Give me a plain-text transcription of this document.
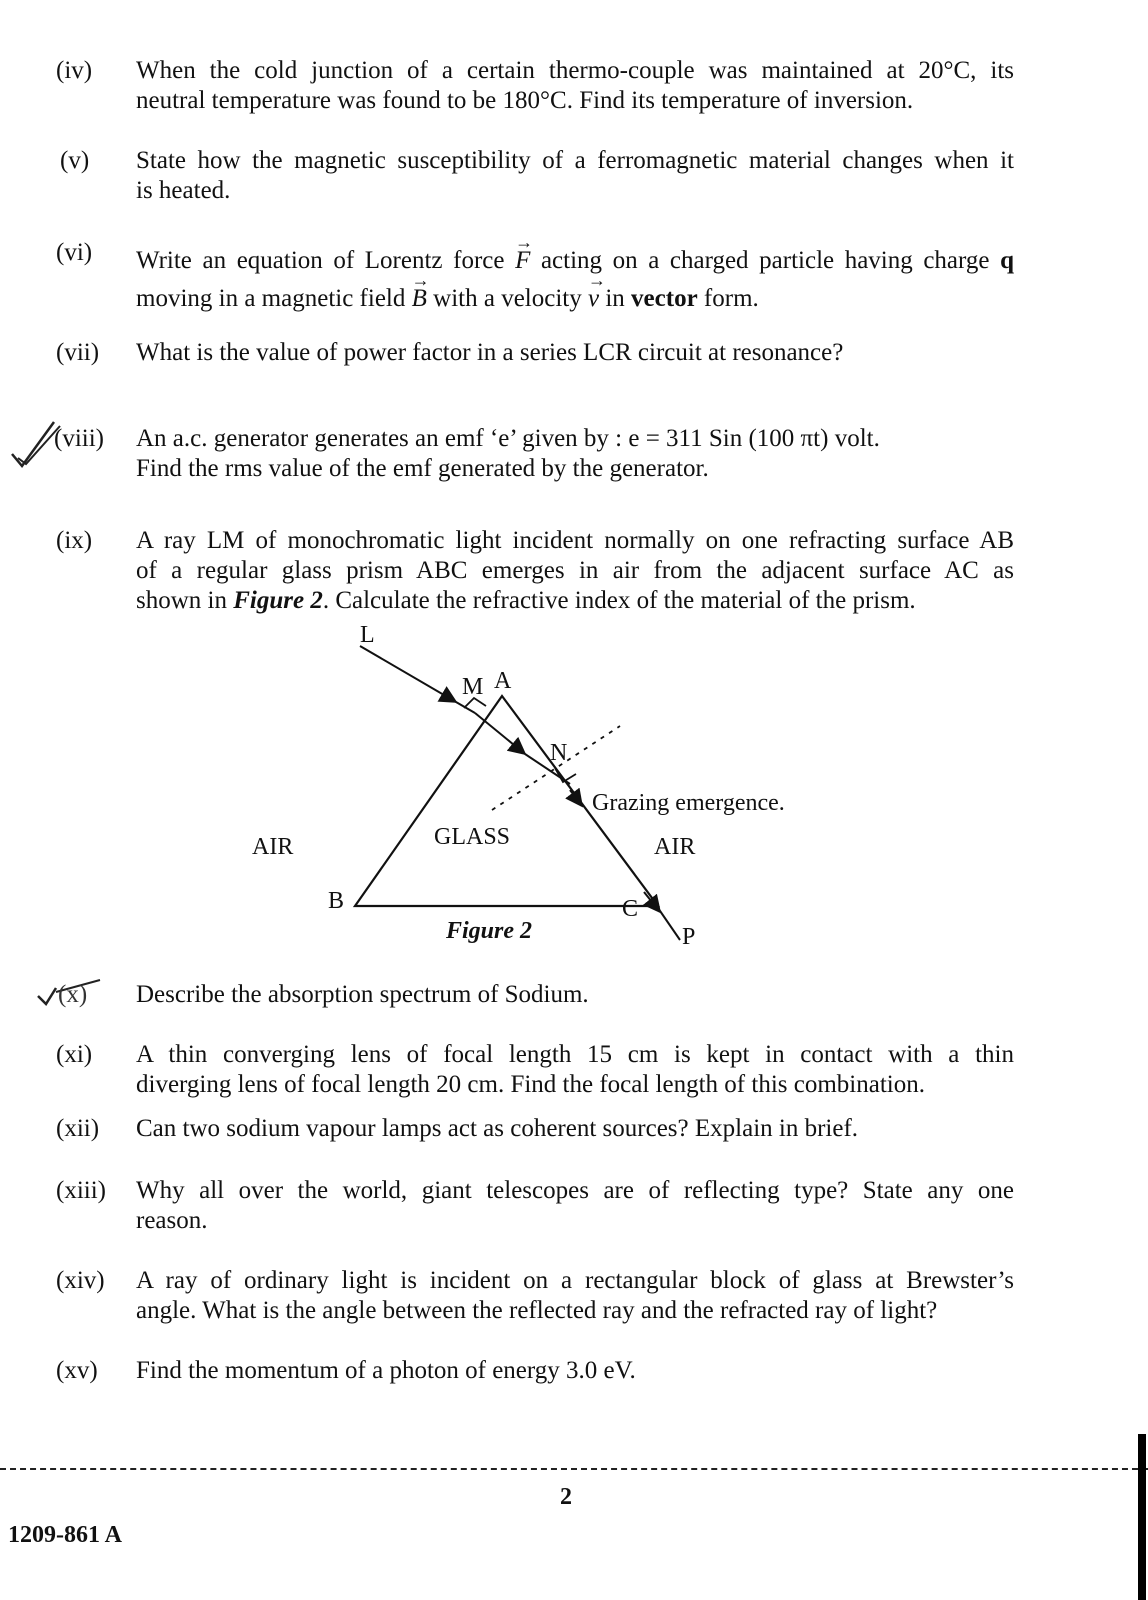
(iv) When the cold junction of a certain thermo-couple was maintained at 20°C, its
neutral temperature was found to be 180°C. Find its temperature of inversion.
(v) State how the magnetic susceptibility of a ferromagnetic material changes when it
is heated.
(vi) Write an equation of Lorentz force → F acting on a charged particle having charge q
moving in a magnetic field → B with a velocity → v in vector form.
(vii) What is the value of power factor in a series LCR circuit at resonance?
(viii) An a.c. generator generates an emf ‘e’ given by : e = 311 Sin (100 πt) volt.
Find the rms value of the emf generated by the generator.
(ix) A ray LM of monochromatic light incident normally on one refracting surface AB
of a regular glass prism ABC emerges in air from the adjacent surface AC as
shown in Figure 2. Calculate the refractive index of the material of the prism.
L
M A
N
B	C
P
AIR	GLASS	AIR
Grazing emergence.
Figure 2
(x) Describe the absorption spectrum of Sodium.
(xi) A thin converging lens of focal length 15 cm is kept in contact with a thin
diverging lens of focal length 20 cm. Find the focal length of this combination.
(xii) Can two sodium vapour lamps act as coherent sources? Explain in brief.
(xiii) Why all over the world, giant telescopes are of reflecting type? State any one
reason.
(xiv) A ray of ordinary light is incident on a rectangular block of glass at Brewster’s
angle. What is the angle between the reflected ray and the refracted ray of light?
(xv) Find the momentum of a photon of energy 3.0 eV.
2
1209-861 A
